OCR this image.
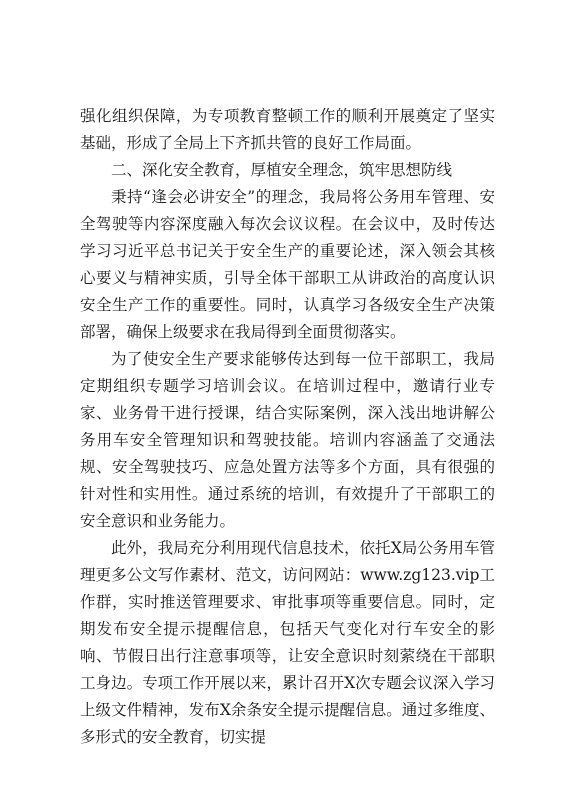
强化组织保障，为专项教育整顿工作的顺利开展奠定了坚实基础，形成了全局上下齐抓共管的良好工作局面。

二、深化安全教育，厚植安全理念，筑牢思想防线

秉持“逢会必讲安全”的理念，我局将公务用车管理、安全驾驶等内容深度融入每次会议议程。在会议中，及时传达学习习近平总书记关于安全生产的重要论述，深入领会其核心要义与精神实质，引导全体干部职工从讲政治的高度认识安全生产工作的重要性。同时，认真学习各级安全生产决策部署，确保上级要求在我局得到全面贯彻落实。

为了使安全生产要求能够传达到每一位干部职工，我局定期组织专题学习培训会议。在培训过程中，邀请行业专家、业务骨干进行授课，结合实际案例，深入浅出地讲解公务用车安全管理知识和驾驶技能。培训内容涵盖了交通法规、安全驾驶技巧、应急处置方法等多个方面，具有很强的针对性和实用性。通过系统的培训，有效提升了干部职工的安全意识和业务能力。

此外，我局充分利用现代信息技术，依托X局公务用车管理更多公文写作素材、范文，访问网站：www.zg123.vip工作群，实时推送管理要求、审批事项等重要信息。同时，定期发布安全提示提醒信息，包括天气变化对行车安全的影响、节假日出行注意事项等，让安全意识时刻萦绕在干部职工身边。专项工作开展以来，累计召开X次专题会议深入学习上级文件精神，发布X余条安全提示提醒信息。通过多维度、多形式的安全教育，切实提
